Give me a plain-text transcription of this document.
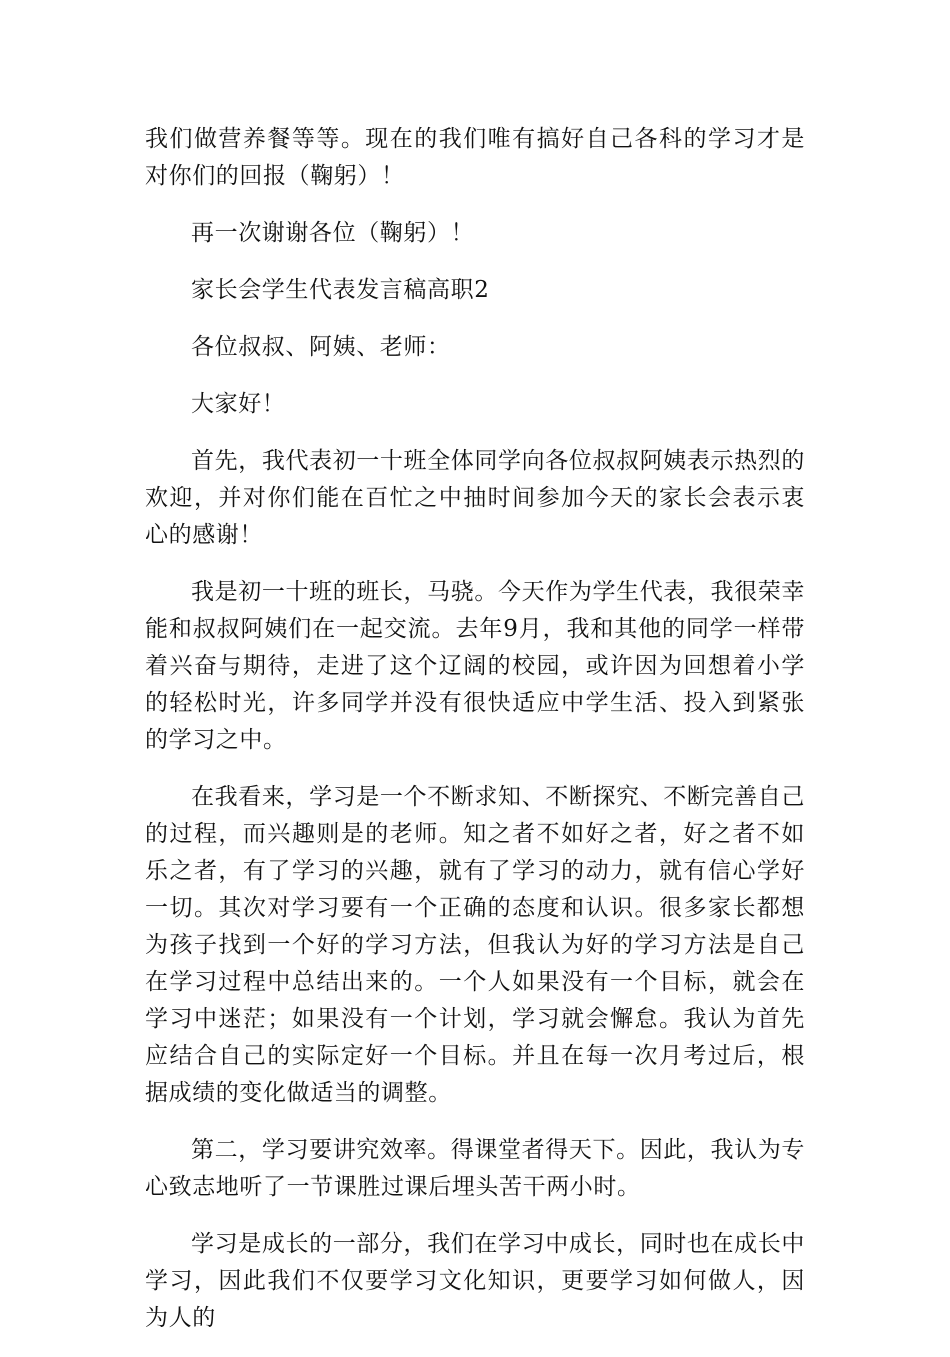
我们做营养餐等等。现在的我们唯有搞好自己各科的学习才是对你们的回报（鞠躬）！

再一次谢谢各位（鞠躬）！

家长会学生代表发言稿高职2

各位叔叔、阿姨、老师：

大家好！

首先，我代表初一十班全体同学向各位叔叔阿姨表示热烈的欢迎，并对你们能在百忙之中抽时间参加今天的家长会表示衷心的感谢！

我是初一十班的班长，马骁。今天作为学生代表，我很荣幸能和叔叔阿姨们在一起交流。去年9月，我和其他的同学一样带着兴奋与期待，走进了这个辽阔的校园，或许因为回想着小学的轻松时光，许多同学并没有很快适应中学生活、投入到紧张的学习之中。

在我看来，学习是一个不断求知、不断探究、不断完善自己的过程，而兴趣则是的老师。知之者不如好之者，好之者不如乐之者，有了学习的兴趣，就有了学习的动力，就有信心学好一切。其次对学习要有一个正确的态度和认识。很多家长都想为孩子找到一个好的学习方法，但我认为好的学习方法是自己在学习过程中总结出来的。一个人如果没有一个目标，就会在学习中迷茫；如果没有一个计划，学习就会懈怠。我认为首先应结合自己的实际定好一个目标。并且在每一次月考过后，根据成绩的变化做适当的调整。

第二，学习要讲究效率。得课堂者得天下。因此，我认为专心致志地听了一节课胜过课后埋头苦干两小时。

学习是成长的一部分，我们在学习中成长，同时也在成长中学习，因此我们不仅要学习文化知识，更要学习如何做人，因为人的
